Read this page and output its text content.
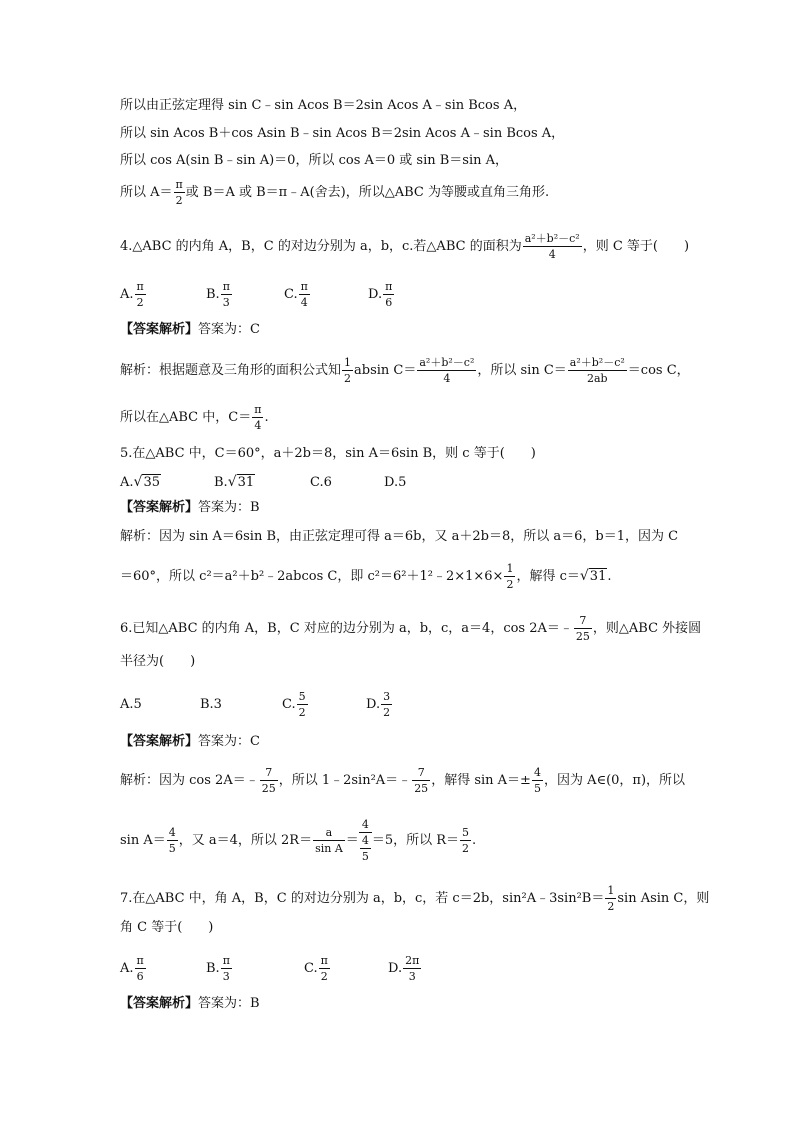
所以由正弦定理得 sin C﹣sin Acos B＝2sin Acos A﹣sin Bcos A，
所以 sin Acos B＋cos Asin B﹣sin Acos B＝2sin Acos A﹣sin Bcos A，
所以 cos A(sin B﹣sin A)＝0，所以 cos A＝0 或 sin B＝sin A，
所以 $A= \frac{\pi}{2}$ 或 B＝A 或 B＝π﹣A(舍去)，所以△ABC 为等腰或直角三角形.
4.△ABC 的内角 A，B，C 的对边分别为 a，b，c.若△ABC 的面积为 $\frac{\text{a²＋b²－c²}}{4}$ ，则 C 等于(　　)
A. $\frac{\pi}{2}$	B. $\frac{\pi}{3}$	C. $\frac{\pi}{4}$	D. $\frac{\pi}{6}$
【答案解析】答案为：C
解析：根据题意及三角形的面积公式知 $\frac{1}{2}$ absin $C= \frac{\text{a²＋b²－c²}}{4}$ ，所以 $\sin C= \frac{\text{a²＋b²－c²}}{2ab} =\cos$ C，
所以在△ABC 中，$C= \frac{\pi}{4}$ .
5.在△ABC 中，C＝60°，a＋2b＝8，sin A＝6sin B，则 c 等于(　　)
A.√35	B.√31	C.6	D.5
【答案解析】答案为：B
解析：因为 sin A＝6sin B，由正弦定理可得 a＝6b，又 a＋2b＝8，所以 a＝6，b＝1，因为 C
＝60°，所以 c²＝a²＋b²﹣2abcos C，即 c²＝6²＋1²﹣2×1×6× $\frac{1}{2}$ ，解得 c＝√31.
6.已知△ABC 的内角 A，B，C 对应的边分别为 a，b，c，a＝4，cos 2A＝﹣ $\frac{7}{25}$ ，则△ABC 外接圆
半径为(　　)
A.5	B.3	C. $\frac{5}{2}$	D. $\frac{3}{2}$
【答案解析】答案为：C
解析：因为 cos 2A＝﹣ $\frac{7}{25}$ ，所以 1﹣2sin²A＝﹣ $\frac{7}{25}$ ，解得 $\sin A=\pm \frac{4}{5}$ ，因为 A∈(0，π)，所以
$\sin A= \frac{4}{5}$ ，又 a＝4，所以 $2R= \frac{a}{\text{sin A}} = \frac{4}{\frac{4}{5}} =5$，所以 $R= \frac{5}{2}$ .
7.在△ABC 中，角 A，B，C 的对边分别为 a，b，c，若 c＝2b，sin²A﹣3sin²B＝ $\frac{1}{2}$ sin Asin C，则
角 C 等于(　　)
A. $\frac{\pi}{6}$	B. $\frac{\pi}{3}$	C. $\frac{\pi}{2}$	D. $\frac{2\pi}{3}$
【答案解析】答案为：B
